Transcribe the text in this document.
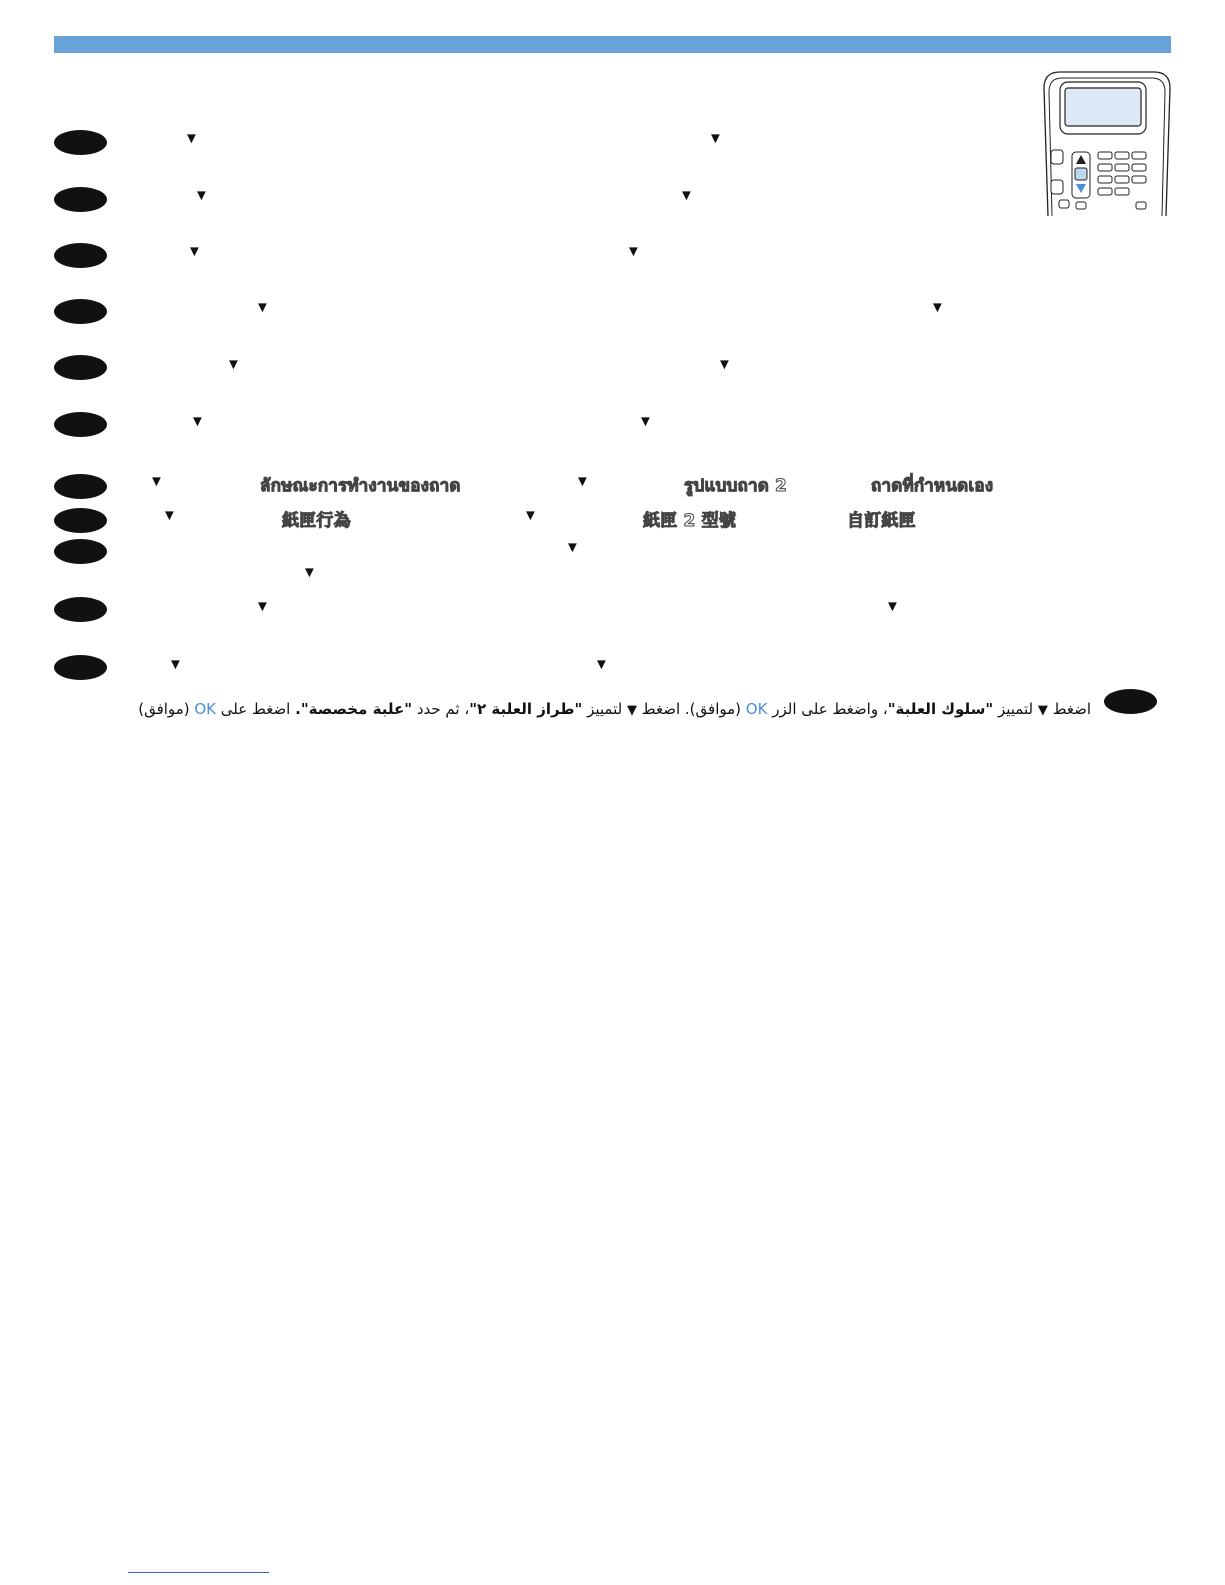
▼	▼
▼	▼
▼	▼
▼	▼
▼	▼
▼	▼
▼	▼
▼	▼
▼
▼
▼	▼
▼	▼
ลักษณะการทำงานของถาด	รูปแบบถาด 2	ถาดที่กำหนดเอง
紙匣行為	紙匣 2 型號	自訂紙匣
اضغط ▼ لتمييز "سلوك العلبة"، واضغط على الزر OK (موافق). اضغط ▼ لتمييز "طراز العلبة ٢"، ثم حدد "علبة مخصصة". اضغط على OK (موافق)
